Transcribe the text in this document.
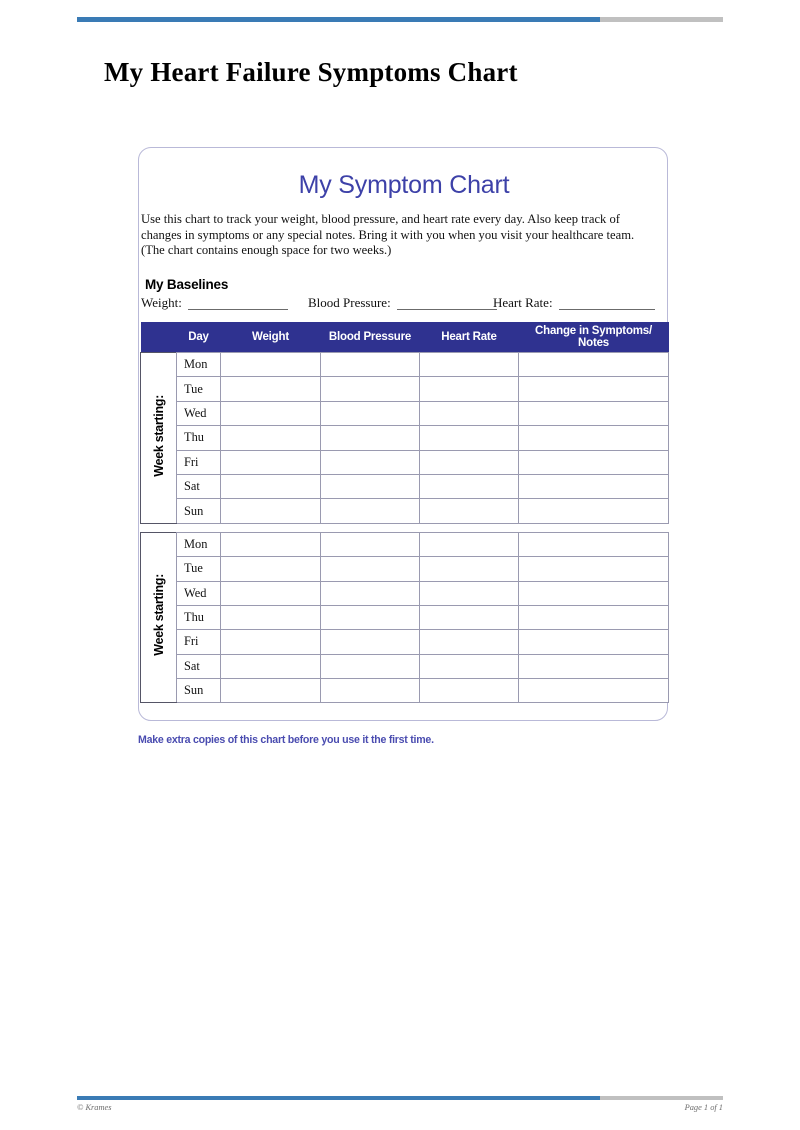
My Heart Failure Symptoms Chart
My Symptom Chart
Use this chart to track your weight, blood pressure, and heart rate every day. Also keep track of changes in symptoms or any special notes. Bring it with you when you visit your healthcare team. (The chart contains enough space for two weeks.)
My Baselines
Weight:	Blood Pressure:	Heart Rate:
	Day	Weight	Blood Pressure	Heart Rate	Change in Symptoms/ Notes
Week starting:	Mon				
	Tue				
	Wed				
	Thu				
	Fri				
	Sat				
	Sun				

Week starting:	Mon				
	Tue				
	Wed				
	Thu				
	Fri				
	Sat				
	Sun				
Make extra copies of this chart before you use it the first time.
© Krames	Page 1 of 1
